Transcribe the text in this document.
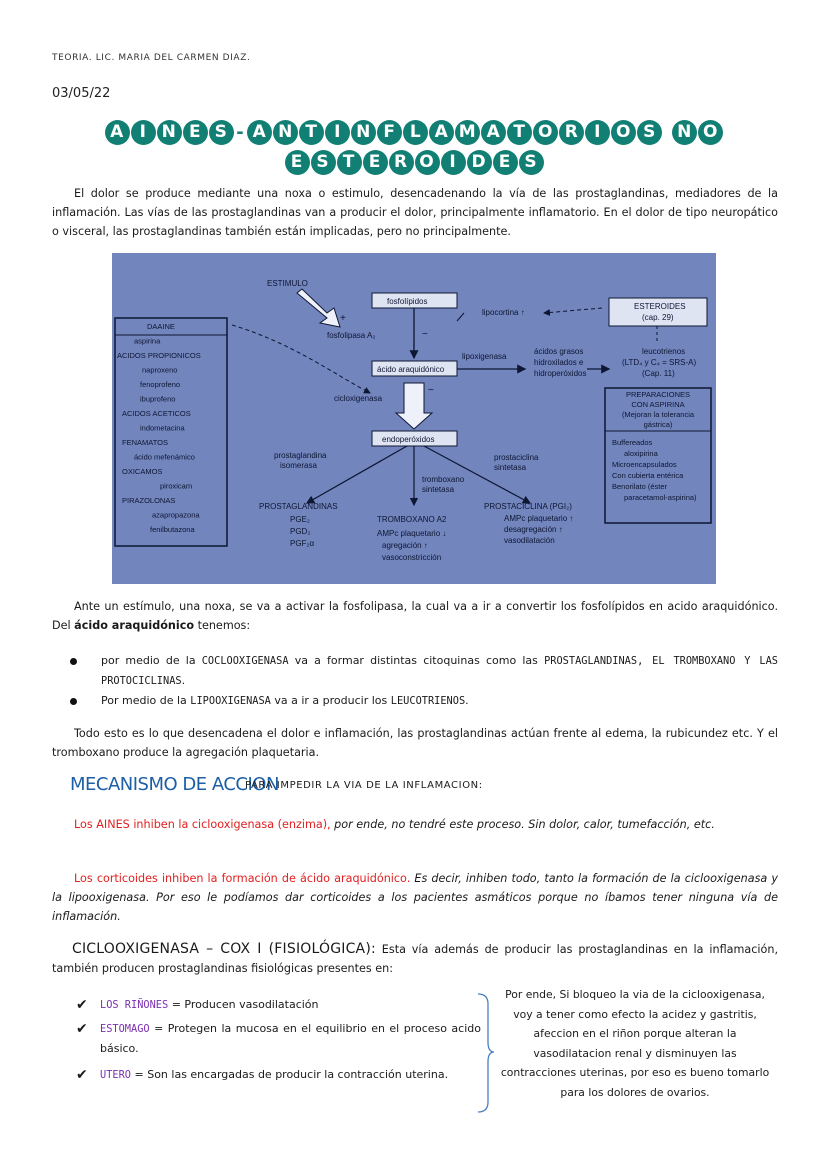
TEORIA. LIC. MARIA DEL CARMEN DIAZ.
03/05/22
A I N E S - A N T I N F L A M A T O R I O S N O
E S T E R O I D E S
El dolor se produce mediante una noxa o estimulo, desencadenando la vía de las prostaglandinas, mediadores de la inflamación. Las vías de las prostaglandinas van a producir el dolor, principalmente inflamatorio. En el dolor de tipo neuropático o visceral, las prostaglandinas también están implicadas, pero no principalmente.
ESTIMULO
fosfolipasa A₂
+
fosfolípidos
−
lipocortina ↑
ESTEROIDES
(cap. 29)
ácido araquidónico
lipoxigenasa
ácidos grasos
hidroxilados e
hidroperóxidos
leucotrienos
(LTD₄ y C₄ = SRS-A)
(Cap. 11)
cicloxigenasa
−
endoperóxidos
prostaglandina
isomerasa
tromboxano
sintetasa
prostaciclina
sintetasa
PROSTAGLANDINAS
PGE₂
PGD₂
PGF₂α
TROMBOXANO A2
AMPc plaquetario ↓
agregación ↑
vasoconstricción
PROSTACICLINA (PGI₂)
AMPc plaquetario ↑
desagregación ↑
vasodilatación
DAAINE
aspirina
ACIDOS PROPIONICOS
naproxeno
fenoprofeno
ibuprofeno
ACIDOS ACETICOS
indometacina
FENAMATOS
ácido mefenámico
OXICAMOS
piroxicam
PIRAZOLONAS
azapropazona
fenilbutazona
PREPARACIONES
CON ASPIRINA
(Mejoran la tolerancia
gástrica)
Buffereados
aloxipirina
Microencapsulados
Con cubierta entérica
Benorilato (éster
paracetamol-aspirina)
Ante un estímulo, una noxa, se va a activar la fosfolipasa, la cual va a ir a convertir los fosfolípidos en acido araquidónico. Del ácido araquidónico tenemos:
por medio de la COCLOOXIGENASA va a formar distintas citoquinas como las PROSTAGLANDINAS, EL TROMBOXANO Y LAS PROTOCICLINAS.
Por medio de la LIPOOXIGENASA va a ir a producir los LEUCOTRIENOS.
Todo esto es lo que desencadena el dolor e inflamación, las prostaglandinas actúan frente al edema, la rubicundez etc. Y el tromboxano produce la agregación plaquetaria.
MECANISMO DE ACCION
PARA IMPEDIR LA VIA DE LA INFLAMACION:
Los AINES inhiben la ciclooxigenasa (enzima), por ende, no tendré este proceso. Sin dolor, calor, tumefacción, etc.
Los corticoides inhiben la formación de ácido araquidónico. Es decir, inhiben todo, tanto la formación de la ciclooxigenasa y la lipooxigenasa. Por eso le podíamos dar corticoides a los pacientes asmáticos porque no íbamos tener ninguna vía de inflamación.
CICLOOXIGENASA – COX I (FISIOLÓGICA): Esta vía además de producir las prostaglandinas en la inflamación, también producen prostaglandinas fisiológicas presentes en:
✔ LOS RIÑONES = Producen vasodilatación
✔ ESTOMAGO = Protegen la mucosa en el equilibrio en el proceso acido básico.
✔ UTERO = Son las encargadas de producir la contracción uterina.
Por ende, Si bloqueo la via de la ciclooxigenasa, voy a tener como efecto la acidez y gastritis, afeccion en el riñon porque alteran la vasodilatacion renal y disminuyen las contracciones uterinas, por eso es bueno tomarlo para los dolores de ovarios.
